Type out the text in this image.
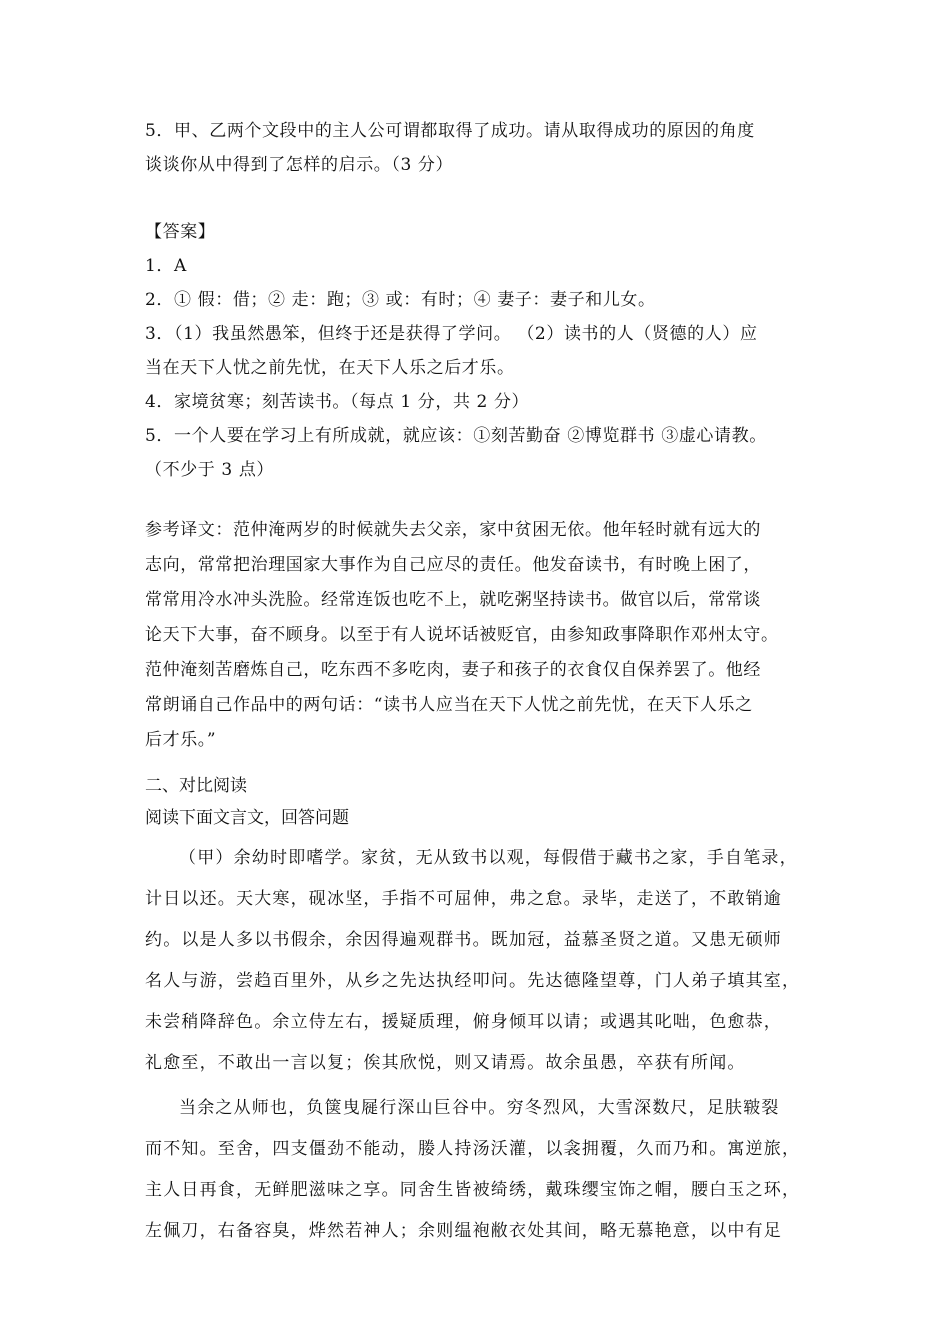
5．甲、乙两个文段中的主人公可谓都取得了成功。请从取得成功的原因的角度
谈谈你从中得到了怎样的启示。（3 分）
【答案】
1．A
2．① 假：借；② 走：跑；③ 或：有时；④ 妻子：妻子和儿女。
3．（1）我虽然愚笨，但终于还是获得了学问。 （2）读书的人（贤德的人）应
当在天下人忧之前先忧，在天下人乐之后才乐。
4．家境贫寒；刻苦读书。（每点 1 分，共 2 分）
5．一个人要在学习上有所成就，就应该：①刻苦勤奋 ②博览群书 ③虚心请教。
（不少于 3 点）
参考译文：范仲淹两岁的时候就失去父亲，家中贫困无依。他年轻时就有远大的
志向，常常把治理国家大事作为自己应尽的责任。他发奋读书，有时晚上困了，
常常用冷水冲头洗脸。经常连饭也吃不上，就吃粥坚持读书。做官以后，常常谈
论天下大事，奋不顾身。以至于有人说坏话被贬官，由参知政事降职作邓州太守。
范仲淹刻苦磨炼自己，吃东西不多吃肉，妻子和孩子的衣食仅自保养罢了。他经
常朗诵自己作品中的两句话：“读书人应当在天下人忧之前先忧，在天下人乐之
后才乐。”
二、对比阅读
阅读下面文言文，回答问题
（甲）余幼时即嗜学。家贫，无从致书以观，每假借于藏书之家，手自笔录，
计日以还。天大寒，砚冰坚，手指不可屈伸，弗之怠。录毕，走送了，不敢销逾
约。以是人多以书假余，余因得遍观群书。既加冠，益慕圣贤之道。又患无硕师
名人与游，尝趋百里外，从乡之先达执经叩问。先达德隆望尊，门人弟子填其室，
未尝稍降辞色。余立侍左右，援疑质理，俯身倾耳以请；或遇其叱咄，色愈恭，
礼愈至，不敢出一言以复；俟其欣悦，则又请焉。故余虽愚，卒获有所闻。
当余之从师也，负箧曳屣行深山巨谷中。穷冬烈风，大雪深数尺，足肤皲裂
而不知。至舍，四支僵劲不能动，媵人持汤沃灌，以衾拥覆，久而乃和。寓逆旅，
主人日再食，无鲜肥滋味之享。同舍生皆被绮绣，戴珠缨宝饰之帽，腰白玉之环，
左佩刀，右备容臭，烨然若神人；余则缊袍敝衣处其间，略无慕艳意，以中有足
